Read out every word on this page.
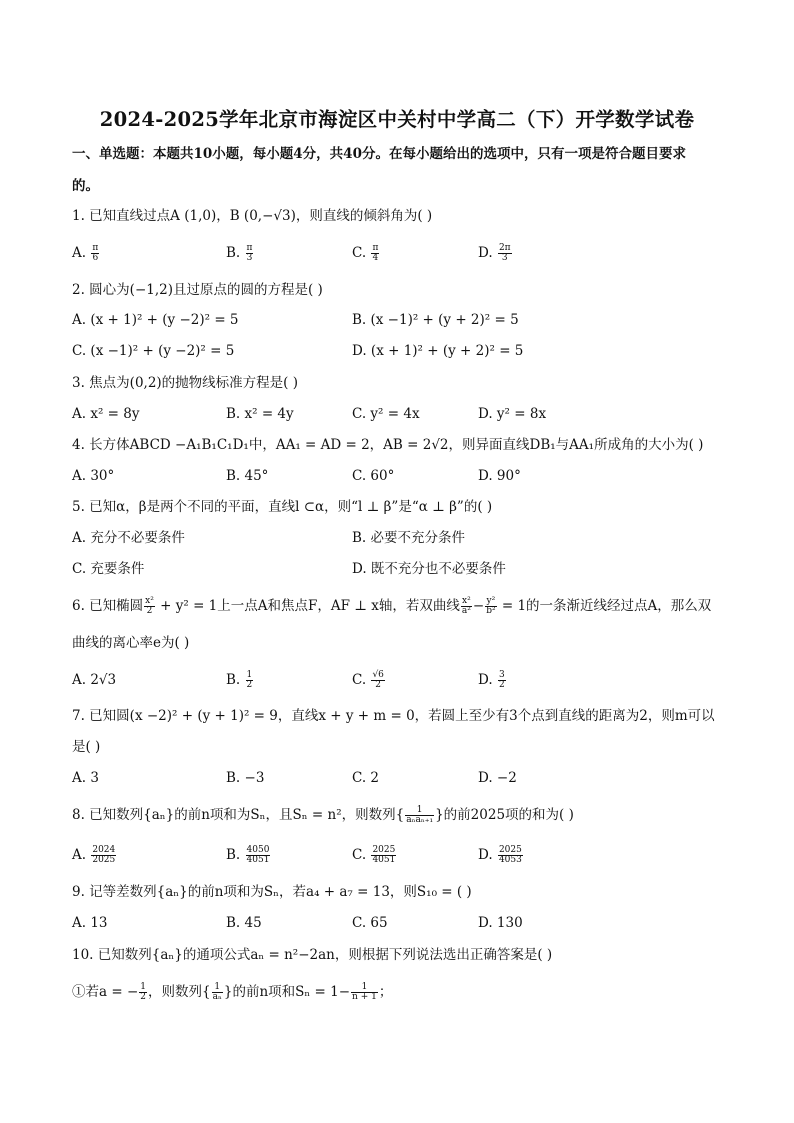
2024-2025学年北京市海淀区中关村中学高二（下）开学数学试卷
一、单选题：本题共10小题，每小题4分，共40分。在每小题给出的选项中，只有一项是符合题目要求
的。
1. 已知直线过点A (1,0)，B (0,−√3)，则直线的倾斜角为( )
A. $\frac{\pi}{6}$	B. $\frac{\pi}{3}$	C. $\frac{\pi}{4}$	D. $\frac{2\pi}{3}$
2. 圆心为(−1,2)且过原点的圆的方程是( )
A. (x + 1)² + (y −2)² = 5	B. (x −1)² + (y + 2)² = 5
C. (x −1)² + (y −2)² = 5	D. (x + 1)² + (y + 2)² = 5
3. 焦点为(0,2)的抛物线标准方程是( )
A. x² = 8y	B. x² = 4y	C. y² = 4x	D. y² = 8x
4. 长方体ABCD −A₁B₁C₁D₁中，AA₁ = AD = 2，AB = 2√2，则异面直线DB₁与AA₁所成角的大小为( )
A. 30°	B. 45°	C. 60°	D. 90°
5. 已知α，β是两个不同的平面，直线l ⊂α，则“l ⊥ β”是“α ⊥ β”的( )
A. 充分不必要条件	B. 必要不充分条件
C. 充要条件	D. 既不充分也不必要条件
6. 已知椭圆 $\frac{\text{x²}}{2} + y^2 = 1$上一点A和焦点F，AF ⊥ x轴，若双曲线 $\frac{\text{x²}}{\text{a²}} - \frac{\text{y²}}{\text{b²}} = 1$的一条渐近线经过点A，那么双
曲线的离心率e为( )
A. 2√3	B. $\frac{1}{2}$	C. $\frac{√6}{2}$	D. $\frac{3}{2}$
7. 已知圆(x −2)² + (y + 1)² = 9，直线x + y + m = 0，若圆上至少有3个点到直线的距离为2，则m可以
是( )
A. 3	B. −3	C. 2	D. −2
8. 已知数列{aₙ}的前n项和为Sₙ，且Sₙ = n²，则数列{ $\frac{1}{\text{aₙaₙ₊₁}}$ }的前2025项的和为( )
A. $\frac{2024}{2025}$	B. $\frac{4050}{4051}$	C. $\frac{2025}{4051}$	D. $\frac{2025}{4053}$
9. 记等差数列{aₙ}的前n项和为Sₙ，若a₄ + a₇ = 13，则S₁₀ = ( )
A. 13	B. 45	C. 65	D. 130
10. 已知数列{aₙ}的通项公式aₙ = n²−2an，则根据下列说法选出正确答案是( )
①若a = − $\frac{1}{2}$ ，则数列{ $\frac{1}{\text{aₙ}}$ }的前n项和$S_n = 1- \frac{1}{n + 1}$ ；
